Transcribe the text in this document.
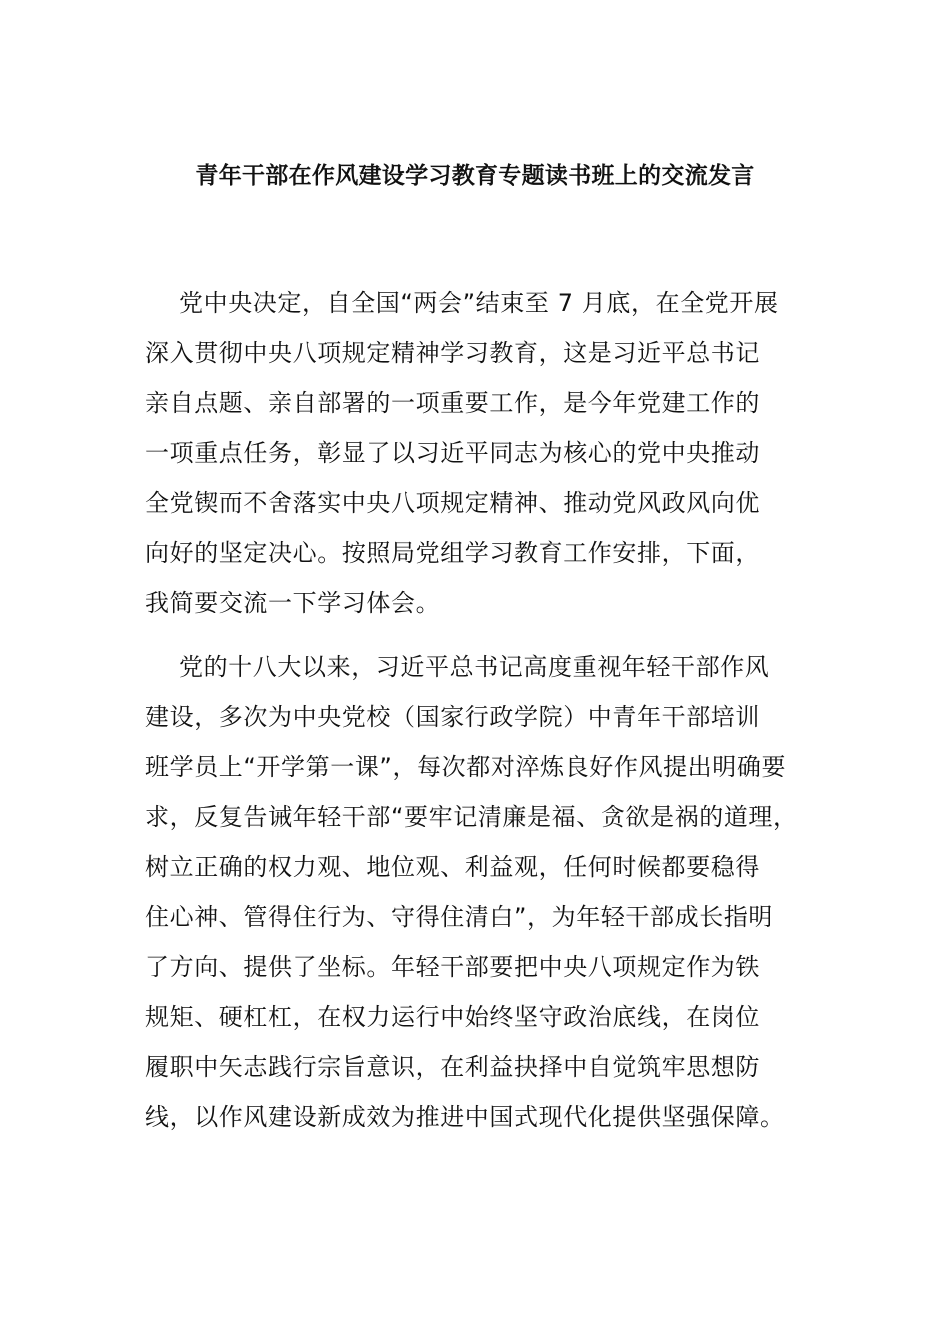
青年干部在作风建设学习教育专题读书班上的交流发言

党中央决定，自全国“两会”结束至 7 月底，在全党开展
深入贯彻中央八项规定精神学习教育，这是习近平总书记
亲自点题、亲自部署的一项重要工作，是今年党建工作的
一项重点任务，彰显了以习近平同志为核心的党中央推动
全党锲而不舍落实中央八项规定精神、推动党风政风向优
向好的坚定决心。按照局党组学习教育工作安排，下面，
我简要交流一下学习体会。

党的十八大以来，习近平总书记高度重视年轻干部作风
建设，多次为中央党校（国家行政学院）中青年干部培训
班学员上“开学第一课”，每次都对淬炼良好作风提出明确要
求，反复告诫年轻干部“要牢记清廉是福、贪欲是祸的道理，
树立正确的权力观、地位观、利益观，任何时候都要稳得
住心神、管得住行为、守得住清白”，为年轻干部成长指明
了方向、提供了坐标。年轻干部要把中央八项规定作为铁
规矩、硬杠杠，在权力运行中始终坚守政治底线，在岗位
履职中矢志践行宗旨意识，在利益抉择中自觉筑牢思想防
线，以作风建设新成效为推进中国式现代化提供坚强保障。
